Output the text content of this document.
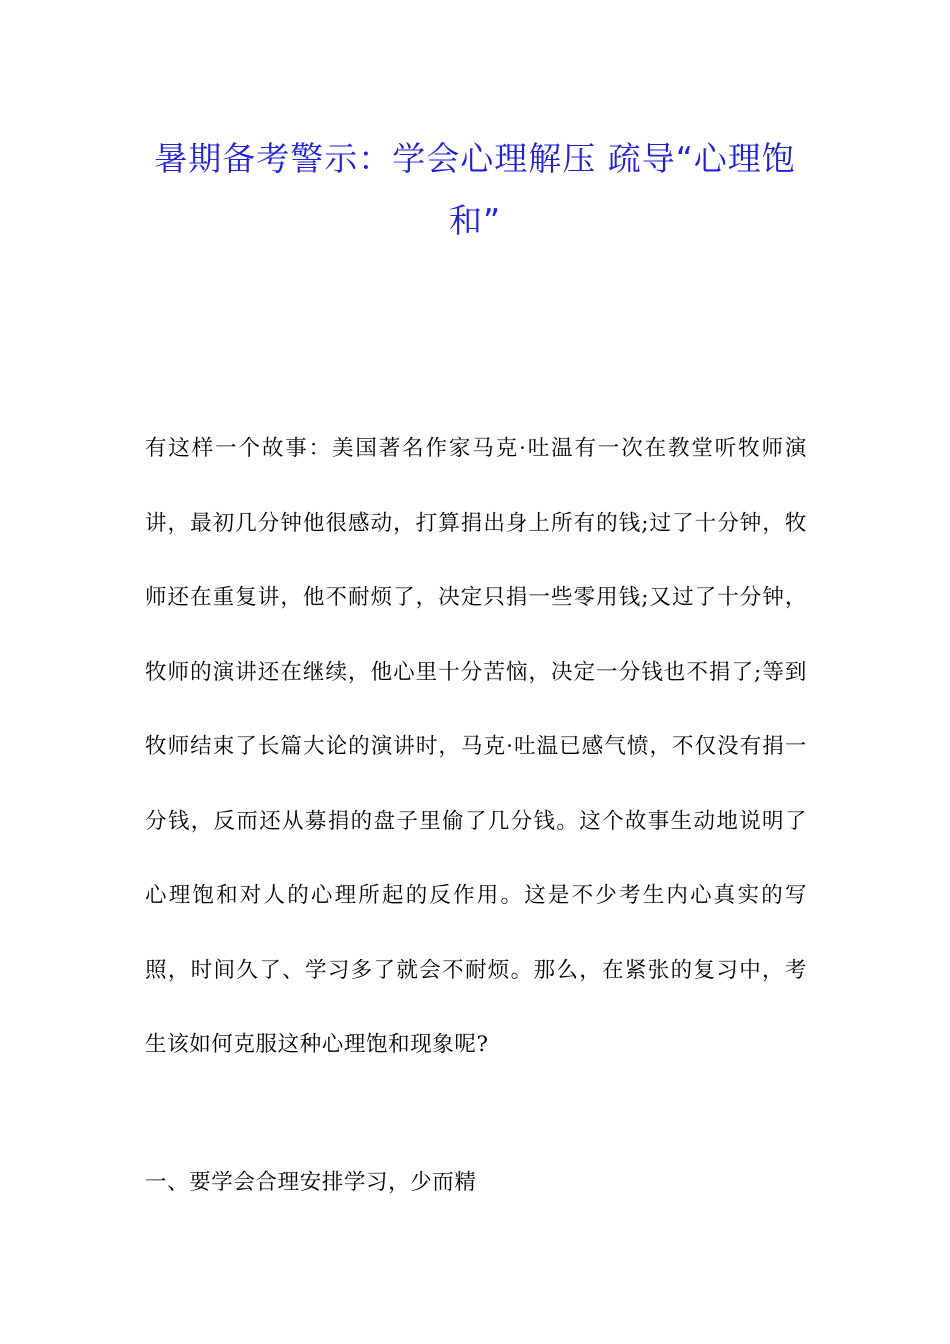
暑期备考警示：学会心理解压 疏导“心理饱和”

有这样一个故事：美国著名作家马克·吐温有一次在教堂听牧师演讲，最初几分钟他很感动，打算捐出身上所有的钱;过了十分钟，牧师还在重复讲，他不耐烦了，决定只捐一些零用钱;又过了十分钟，牧师的演讲还在继续，他心里十分苦恼，决定一分钱也不捐了;等到牧师结束了长篇大论的演讲时，马克·吐温已感气愤，不仅没有捐一分钱，反而还从募捐的盘子里偷了几分钱。这个故事生动地说明了心理饱和对人的心理所起的反作用。这是不少考生内心真实的写照，时间久了、学习多了就会不耐烦。那么，在紧张的复习中，考生该如何克服这种心理饱和现象呢?

一、要学会合理安排学习，少而精
